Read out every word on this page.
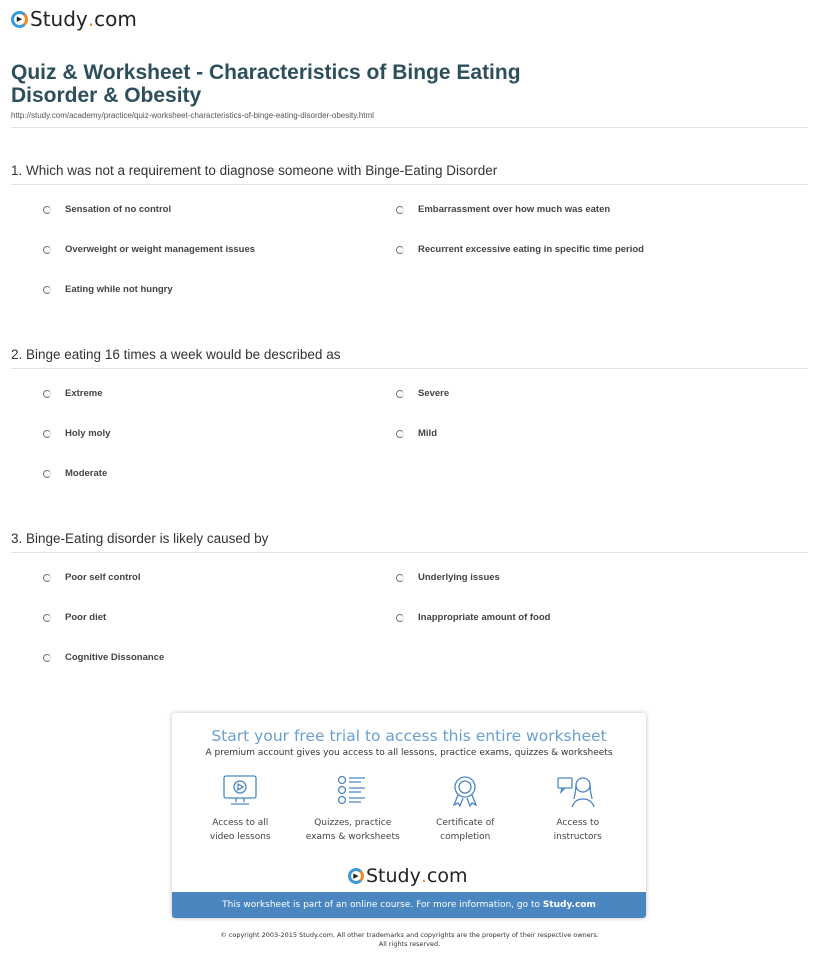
▶ Study . com
Quiz & Worksheet - Characteristics of Binge Eating Disorder & Obesity
http://study.com/academy/practice/quiz-worksheet-characteristics-of-binge-eating-disorder-obesity.html
1. Which was not a requirement to diagnose someone with Binge-Eating Disorder
Sensation of no control	Embarrassment over how much was eaten
Overweight or weight management issues	Recurrent excessive eating in specific time period
Eating while not hungry
2. Binge eating 16 times a week would be described as
Extreme	Severe
Holy moly	Mild
Moderate
3. Binge-Eating disorder is likely caused by
Poor self control	Underlying issues
Poor diet	Inappropriate amount of food
Cognitive Dissonance
Start your free trial to access this entire worksheet
A premium account gives you access to all lessons, practice exams, quizzes & worksheets
Access to all
video lessons
Quizzes, practice
exams & worksheets
Certificate of
completion
Access to
instructors
▶ Study . com
This worksheet is part of an online course. For more information, go to Study.com
© copyright 2003-2015 Study.com. All other trademarks and copyrights are the property of their respective owners.
All rights reserved.
